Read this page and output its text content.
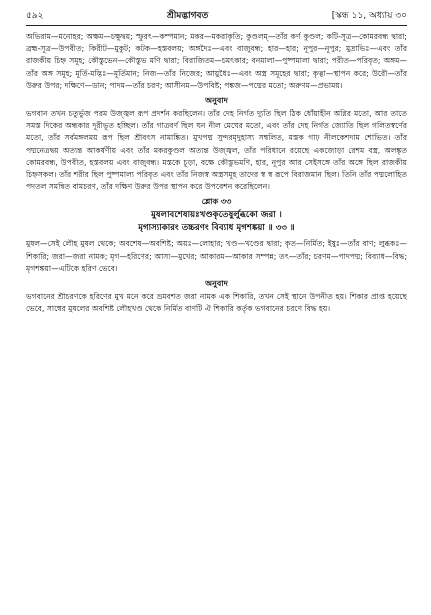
৫৯২	শ্রীমদ্ভাগবত	[স্কন্ধ ১১, অধ্যায় ৩০

অভিরাম—মনোহর; অক্ষম—চক্ষুদ্বয়; স্ফুরৎ—কম্পমান; মকর—মকরাকৃতি; কুণ্ডলম্—তাঁর কর্ণ কুণ্ডল; কটি-সূত্র—কোমরবন্ধ দ্বারা; ব্রহ্ম-সূত্র—উপবীত; কিরীট—মুকুট; কটক—হস্তবলয়; অঙ্গদৈঃ—এবং বাজুবন্ধ; হার—হার; নূপুর—নূপুর; মুদ্রাভিঃ—এবং তাঁর রাজকীয় চিহ্ন সমূহ; কৌস্তুভেন—কৌস্তুভ মণি দ্বারা; বিরাজিতম—চমৎকার; বনমালা—পুষ্পমালা দ্বারা; পরীত—পরিবৃত; অঙ্গম—তাঁর অঙ্গ সমূহ; মূর্তি-মদ্ভিঃ—মূর্তিমান; নিজ—তাঁর নিজের; আয়ুধৈঃ—এবং অস্ত্র সমূহের দ্বারা; কৃত্বা—স্থাপন করে; উরৌ—তাঁর উরুর উপর; দক্ষিণে—ডান; পাদম—তাঁর চরণ; আসীনম—উপবিষ্ট; পঙ্কজ—পদ্মের মতো; অরুণম—প্রভাময়।

অনুবাদ

ভগবান তখন চতুর্ভুজ পরম উজ্জ্বল রূপ প্রদর্শন করছিলেন। তাঁর দেহ নির্গত দ্যুতি ছিল ঠিক ধোঁয়াহীন অগ্নির মতো, আর তাতে সমস্ত দিকের অন্ধকার দূরীভূত হচ্ছিল। তাঁর গাত্রবর্ণ ছিল ঘন নীল মেঘের মতো, এবং তাঁর দেহ নির্গত জ্যোতি ছিল গলিতস্বর্ণের মতো, তাঁর সর্বমঙ্গলময় রূপ ছিল শ্রীবৎস নামাঙ্কিত। মুখপদ্ম সুন্দরমৃদুহাস্য সম্বলিত, মস্তক গাঢ় নীলকেশদাম শোভিত। তাঁর পদ্মনেত্রদ্বয় অত্যন্ত আকর্ষণীয় এবং তাঁর মকরকুণ্ডল অত্যন্ত উজ্জ্বল, তাঁর পরিধানে রয়েছে একজোড়া রেশম বস্ত্র, অলঙ্কৃত কোমরবন্ধ, উপবীত, হস্তবলয় এবং বাজুবন্ধ। মস্তকে চূড়া, বক্ষে কৌস্তুভমণি, হার, নূপুর আর সেইসঙ্গে তাঁর অঙ্গে ছিল রাজকীয় চিহ্নসকল। তাঁর শরীর ছিল পুষ্পমাল্য পরিবৃত এবং তাঁর নিজস্ব অস্ত্রসমূহ তাদের স্ব স্ব রূপে বিরাজমান ছিল। তিনি তাঁর পদ্মলোহিত পদতল সমন্বিত বামচরণ, তাঁর দক্ষিণ উরুর উপর স্থাপন করে উপবেশন করেছিলেন।

শ্লোক ৩৩

মুষলাবশেষায়ঃখণ্ডকৃতেষুর্লুব্ধকো জরা ।

মৃগাস্যাকারং তচ্চরণং বিব্যাধ মৃগশঙ্কয়া ॥ ৩৩ ॥

মুষল—সেই লৌহ মুষল থেকে; অবশেষ—অবশিষ্ট; অয়ঃ—লোহার; খণ্ড—খণ্ডের দ্বারা; কৃত—নির্মিত; ইষুঃ—তাঁর বাণ; লুব্ধকঃ—শিকারি; জরা—জরা নামক; মৃগ—হরিণের; আস্য—মুখের; আকারম—আকার সম্পন্ন; তৎ—তাঁর; চরণম—পাদপদ্ম; বিব্যাধ—বিদ্ধ; মৃগশঙ্কয়া—এটিকে হরিণ ভেবে।

অনুবাদ

ভগবানের শ্রীচরণকে হরিণের মুখ মনে করে ভ্রমবশত জরা নামক এক শিকারি, তখন সেই স্থানে উপনীত হয়। শিকার প্রাপ্ত হয়েছে ভেবে, সাম্বের মুষলের অবশিষ্ট লৌহখণ্ড থেকে নির্মিত বাণটি ঐ শিকারি কর্তৃক ভগবানের চরণে বিদ্ধ হয়।
